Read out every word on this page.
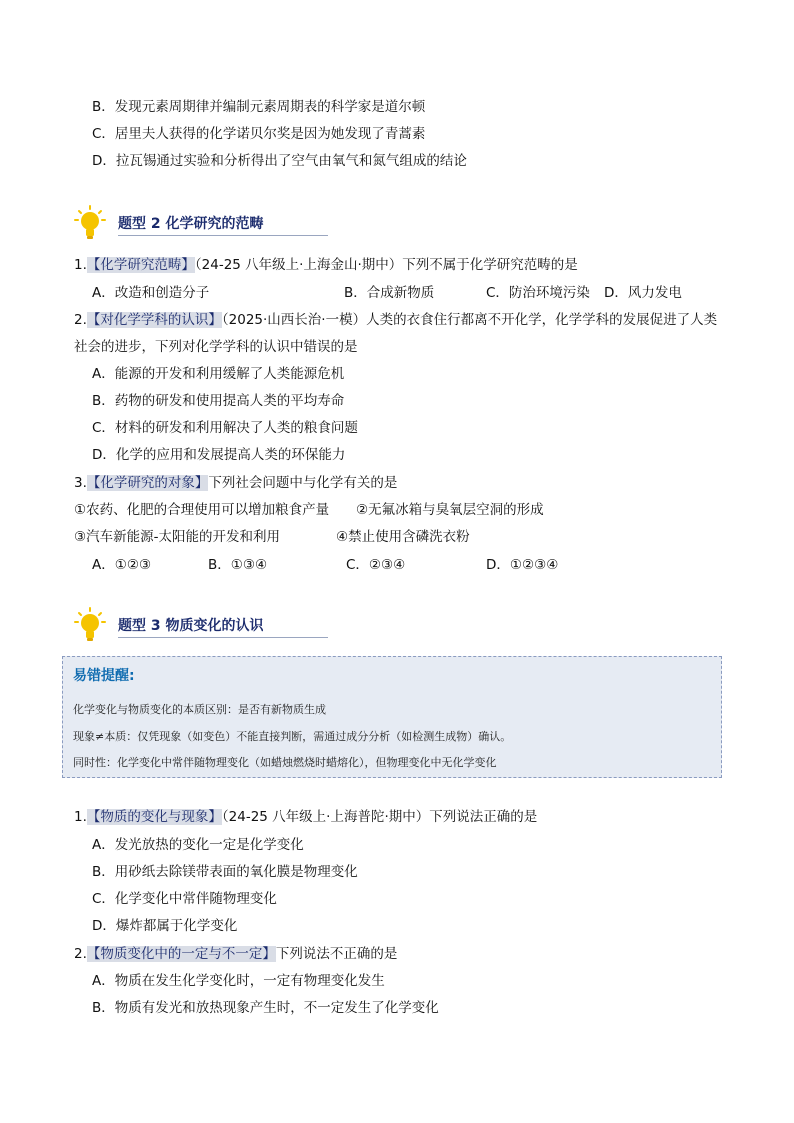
B．发现元素周期律并编制元素周期表的科学家是道尔顿
C．居里夫人获得的化学诺贝尔奖是因为她发现了青蒿素
D．拉瓦锡通过实验和分析得出了空气由氧气和氮气组成的结论
题型 2 化学研究的范畴
1.【化学研究范畴】（24-25 八年级上·上海金山·期中）下列不属于化学研究范畴的是
A．改造和创造分子	B．合成新物质	C．防治环境污染 D．风力发电
2.【对化学学科的认识】（2025·山西长治·一模）人类的衣食住行都离不开化学，化学学科的发展促进了人类
社会的进步，下列对化学学科的认识中错误的是
A．能源的开发和利用缓解了人类能源危机
B．药物的研发和使用提高人类的平均寿命
C．材料的研发和利用解决了人类的粮食问题
D．化学的应用和发展提高人类的环保能力
3.【化学研究的对象】下列社会问题中与化学有关的是
①农药、化肥的合理使用可以增加粮食产量 ②无氟冰箱与臭氧层空洞的形成
③汽车新能源-太阳能的开发和利用	④禁止使用含磷洗衣粉
A．①②③	B．①③④	C．②③④	D．①②③④
题型 3 物质变化的认识
易错提醒:
化学变化与物质变化的本质区别：是否有新物质生成
现象≠本质：仅凭现象（如变色）不能直接判断，需通过成分分析（如检测生成物）确认。
同时性：化学变化中常伴随物理变化（如蜡烛燃烧时蜡熔化），但物理变化中无化学变化
1.【物质的变化与现象】（24-25 八年级上·上海普陀·期中）下列说法正确的是
A．发光放热的变化一定是化学变化
B．用砂纸去除镁带表面的氧化膜是物理变化
C．化学变化中常伴随物理变化
D．爆炸都属于化学变化
2.【物质变化中的一定与不一定】下列说法不正确的是
A．物质在发生化学变化时，一定有物理变化发生
B．物质有发光和放热现象产生时，不一定发生了化学变化
